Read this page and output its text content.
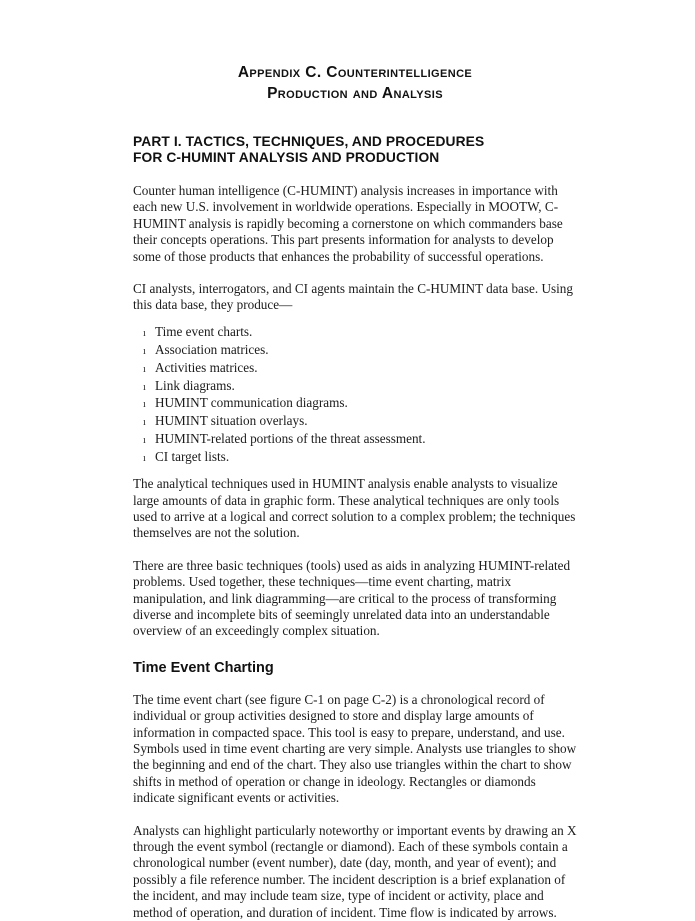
Appendix C. Counterintelligence
Production and Analysis
PART I. TACTICS, TECHNIQUES, AND PROCEDURES
FOR C-HUMINT ANALYSIS AND PRODUCTION

Counter human intelligence (C-HUMINT) analysis increases in importance with each new U.S. involvement in worldwide operations. Especially in MOOTW, C-HUMINT analysis is rapidly becoming a cornerstone on which commanders base their concepts operations. This part presents information for analysts to develop some of those products that enhances the probability of successful operations.

CI analysts, interrogators, and CI agents maintain the C-HUMINT data base. Using this data base, they produce—

ı Time event charts.
ı Association matrices.
ı Activities matrices.
ı Link diagrams.
ı HUMINT communication diagrams.
ı HUMINT situation overlays.
ı HUMINT-related portions of the threat assessment.
ı CI target lists.

The analytical techniques used in HUMINT analysis enable analysts to visualize large amounts of data in graphic form. These analytical techniques are only tools used to arrive at a logical and correct solution to a complex problem; the techniques themselves are not the solution.

There are three basic techniques (tools) used as aids in analyzing HUMINT-related problems. Used together, these techniques—time event charting, matrix manipulation, and link diagramming—are critical to the process of transforming diverse and incomplete bits of seemingly unrelated data into an understandable overview of an exceedingly complex situation.

Time Event Charting

The time event chart (see figure C-1 on page C-2) is a chronological record of individual or group activities designed to store and display large amounts of information in compacted space. This tool is easy to prepare, understand, and use. Symbols used in time event charting are very simple. Analysts use triangles to show the beginning and end of the chart. They also use triangles within the chart to show shifts in method of operation or change in ideology. Rectangles or diamonds indicate significant events or activities.

Analysts can highlight particularly noteworthy or important events by drawing an X through the event symbol (rectangle or diamond). Each of these symbols contain a chronological number (event number), date (day, month, and year of event); and possibly a file reference number. The incident description is a brief explanation of the incident, and may include team size, type of incident or activity, place and method of operation, and duration of incident. Time flow is indicated by arrows.
